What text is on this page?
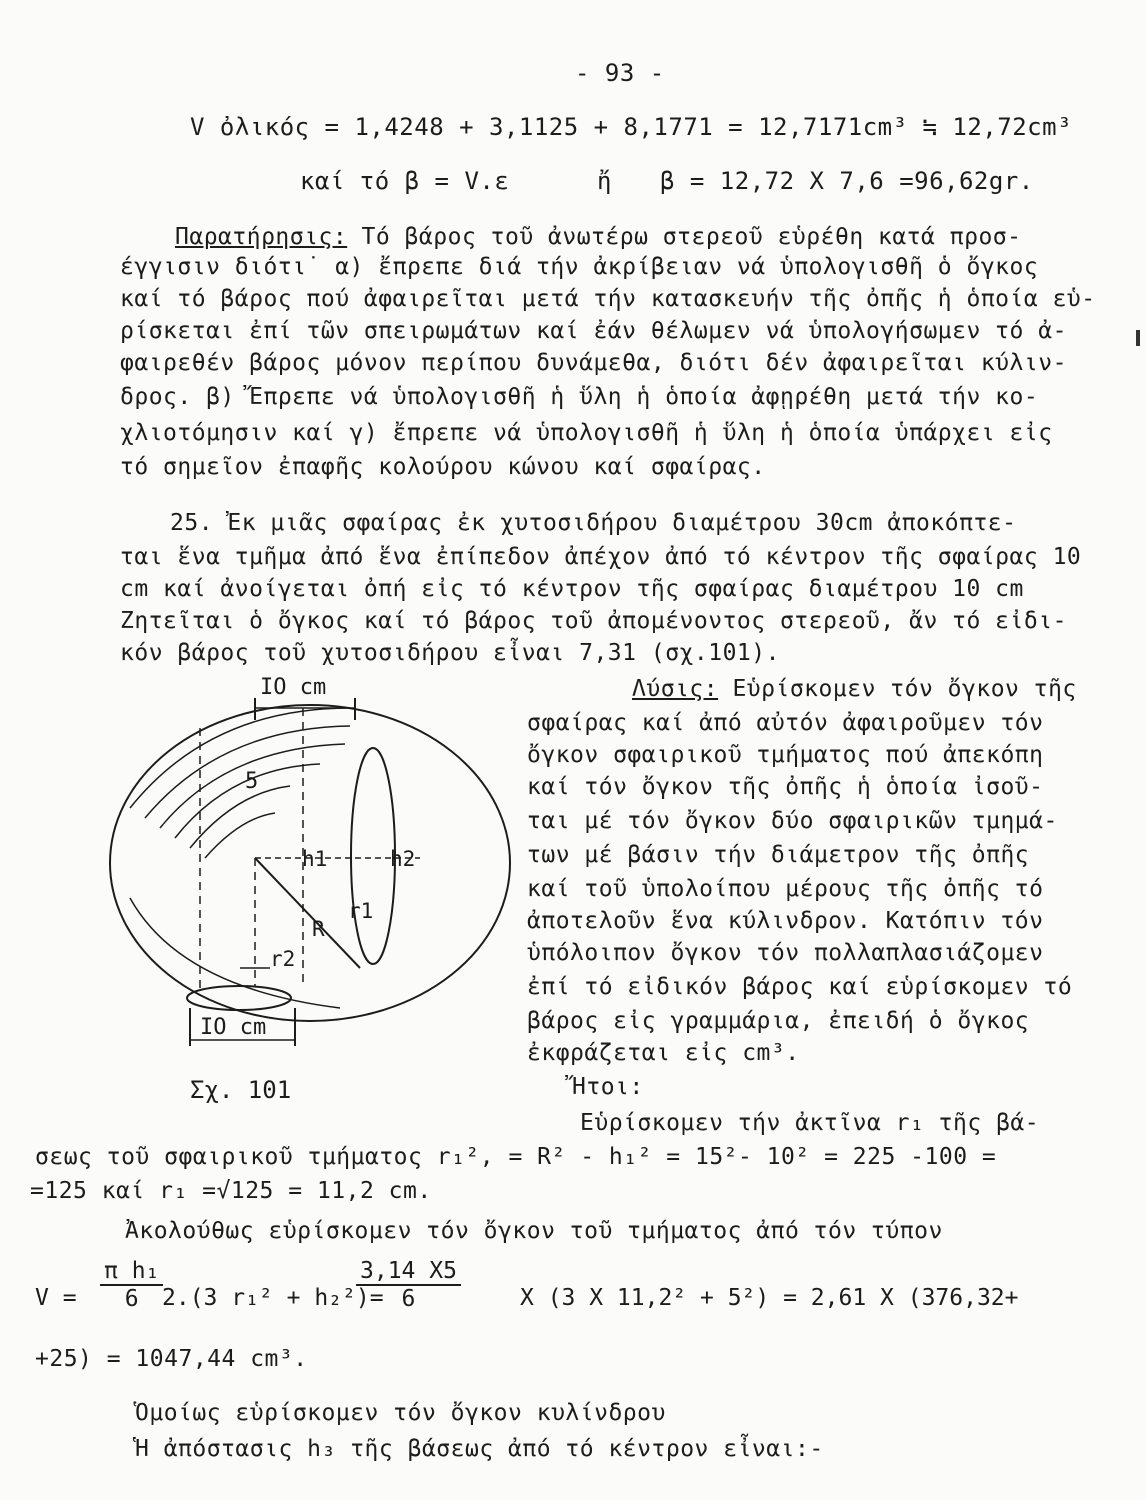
- 93 -
V ὀλικός = 1,4248 + 3,1125 + 8,1771 = 12,7171cm³ ≒ 12,72cm³
καί τό β = V.ε	ἤ β = 12,72 X 7,6 =96,62gr.
Παρατήρησις: Τό βάρος τοῦ ἀνωτέρω στερεοῦ εὑρέθη κατά προσ-
έγγισιν διότι˙ α) ἔπρεπε διά τήν ἀκρίβειαν νά ὑπολογισθῆ ὁ ὄγκος
καί τό βάρος πού ἀφαιρεῖται μετά τήν κατασκευήν τῆς ὀπῆς ἡ ὁποία εὑ-
ρίσκεται ἐπί τῶν σπειρωμάτων καί ἐάν θέλωμεν νά ὑπολογήσωμεν τό ἀ-
φαιρεθέν βάρος μόνον περίπου δυνάμεθα, διότι δέν ἀφαιρεῖται κύλιν-
δρος. β) Ἔπρεπε νά ὑπολογισθῆ ἡ ὕλη ἡ ὁποία ἀφῃρέθη μετά τήν κο-
χλιοτόμησιν καί γ) ἔπρεπε νά ὑπολογισθῆ ἡ ὕλη ἡ ὁποία ὑπάρχει εἰς
τό σημεῖον ἐπαφῆς κολούρου κώνου καί σφαίρας.
25. Ἐκ μιᾶς σφαίρας ἐκ χυτοσιδήρου διαμέτρου 30cm ἀποκόπτε-
ται ἕνα τμῆμα ἀπό ἕνα ἐπίπεδον ἀπέχον ἀπό τό κέντρον τῆς σφαίρας 10
cm καί ἀνοίγεται ὀπή εἰς τό κέντρον τῆς σφαίρας διαμέτρου 10 cm
Ζητεῖται ὁ ὄγκος καί τό βάρος τοῦ ἀπομένοντος στερεοῦ, ἄν τό εἰδι-
κόν βάρος τοῦ χυτοσιδήρου εἶναι 7,31 (σχ.101).
IO cm
IO cm
5
h1	h2
R
r1
r2
Σχ. 101
Λύσις: Εὑρίσκομεν τόν ὄγκον τῆς
σφαίρας καί ἀπό αὐτόν ἀφαιροῦμεν τόν
ὄγκον σφαιρικοῦ τμήματος πού ἀπεκόπη
καί τόν ὄγκον τῆς ὀπῆς ἡ ὁποία ἰσοῦ-
ται μέ τόν ὄγκον δύο σφαιρικῶν τμημά-
των μέ βάσιν τήν διάμετρον τῆς ὀπῆς
καί τοῦ ὑπολοίπου μέρους τῆς ὀπῆς τό
ἀποτελοῦν ἕνα κύλινδρον. Κατόπιν τόν
ὑπόλοιπον ὄγκον τόν πολλαπλασιάζομεν
ἐπί τό εἰδικόν βάρος καί εὑρίσκομεν τό
βάρος εἰς γραμμάρια, ἐπειδή ὁ ὄγκος
ἐκφράζεται εἰς cm³.
Ἤτοι:
Εὑρίσκομεν τήν ἀκτῖνα r₁ τῆς βά-
σεως τοῦ σφαιρικοῦ τμήματος r₁², = R² - h₁² = 15²- 10² = 225 -100 =
=125 καί r₁ =√125 = 11,2 cm.
Ἀκολούθως εὑρίσκομεν τόν ὄγκον τοῦ τμήματος ἀπό τόν τύπον
$V = \frac{\text{π h₁}}{6}$
2.(3 r₁² + h₂²)=
$\frac{3,14 X5}{6}$	X (3 X 11,2² + 5²) = 2,61 X (376,32+
+25) = 1047,44 cm³.
Ὁμοίως εὑρίσκομεν τόν ὄγκον κυλίνδρου
Ἡ ἀπόστασις h₃ τῆς βάσεως ἀπό τό κέντρον εἶναι:-
